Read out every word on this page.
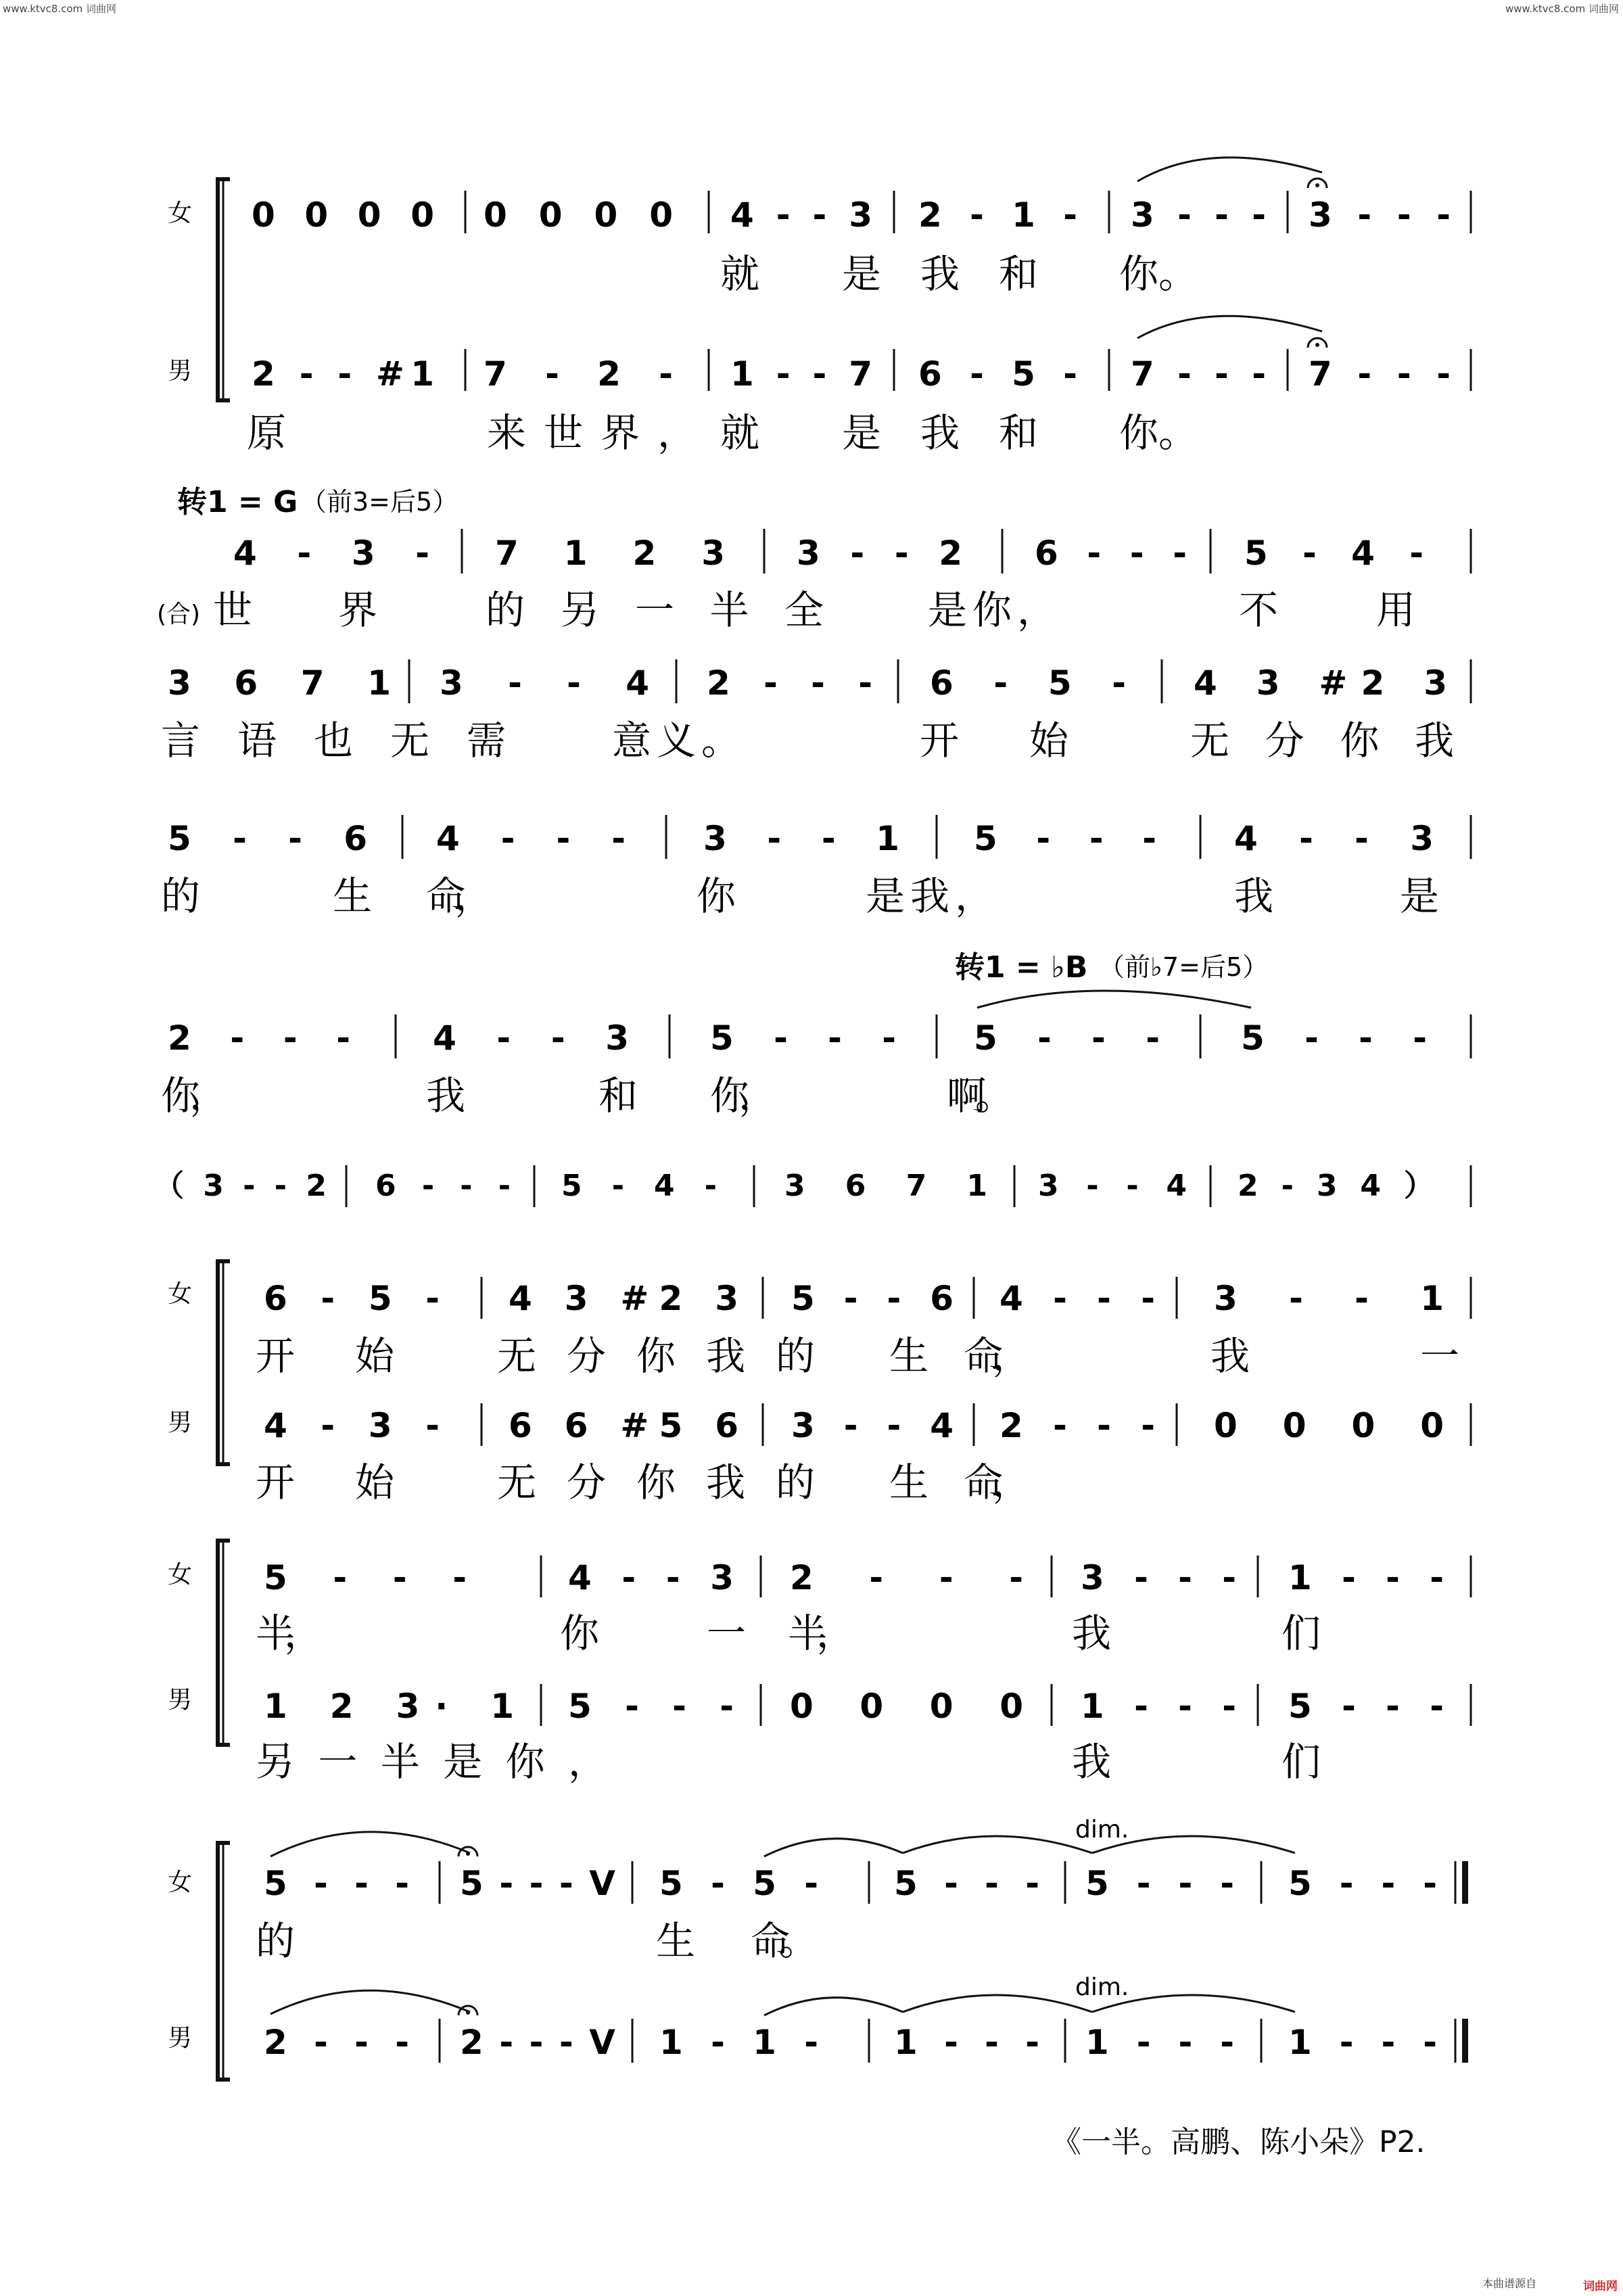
www.ktvc8.com 词曲网	www.ktvc8.com 词曲网
女
男
0 0 0 0 0 0 0 0 4 - - 3 2 - 1 - 3 - - - 3 - - -
就 是我和 你。
2 - - #1 7 - 2 - 1 - - 7 6 - 5 - 7 - - - 7 - - -
原	来世界， 就 是我和 你。
转1 = G （前3=后5）
4 - 3 - 7 1 2 3 3 - - 2 6 - - - 5 - 4 -
(合) 世 界	的另一半全	是你，	不 用
3 6 7 1 3 - - 4 2 - - - 6 - 5 - 4 3 #2 3
言语也无需	意义。	开 始	无分你我
5 - - 6 4 - - - 3 - - 1 5 - - - 4 - - 3
的	生 命，	你	是我，	我	是
转1 = ♭B （前♭7=后5）
2 - - - 4 - - 3 5 - - - 5 - - - 5 - - -
你，	我	和 你，	啊。
（ 3 - - 2 6 - - - 5 - 4 - 3 6 7 1 3 - - 4 2 - 3 4 ）
女
男
6 - 5 - 4 3 #2 3 5 - - 6 4 - - - 3 - - 1
开 始	无分你我的 生 命，	我	一
4 - 3 - 6 6 #5 6 3 - - 4 2 - - - 0 0 0 0
开 始	无分你我的 生 命，
女
男
5 - - -	4 - - 3 2 - - - 3 - - - 1 - - -
半，	你	一 半，	我	们
1 2 3· 1 5 - - - 0 0 0 0 1 - - - 5 - - -
另一半是你，	我	们
女
男
5 - - - 5 - - - V 5 - 5 - 5 - - - 5 - - - 5 - - -
dim.
的	生 命。
2 - - - 2 - - - V 1 - 1 - 1 - - - 1 - - - 1 - - -
dim.
《一半。高鹏、陈小朵》P2.
本曲谱源自	词曲网
